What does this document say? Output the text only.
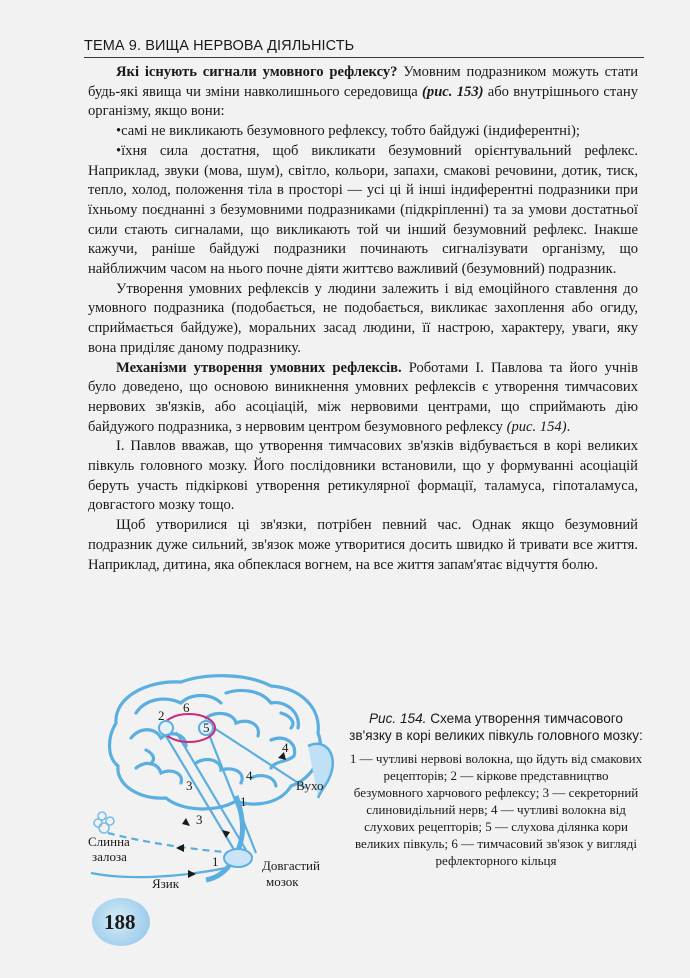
ТЕМА 9. ВИЩА НЕРВОВА ДІЯЛЬНІСТЬ

Які існують сигнали умовного рефлексу? Умовним подразником можуть стати будь-які явища чи зміни навколишнього середовища (рис. 153) або внутрішнього стану організму, якщо вони:

•самі не викликають безумовного рефлексу, тобто байдужі (індиферентні);

•їхня сила достатня, щоб викликати безумовний орієнтувальний рефлекс. Наприклад, звуки (мова, шум), світло, кольори, запахи, смакові речовини, дотик, тиск, тепло, холод, положення тіла в просторі — усі ці й інші індиферентні подразники при їхньому поєднанні з безумовними подразниками (підкріпленні) та за умови достатньої сили стають сигналами, що викликають той чи інший безумовний рефлекс. Інакше кажучи, раніше байдужі подразники починають сигналізувати організму, що найближчим часом на нього почне діяти життєво важливий (безумовний) подразник.

Утворення умовних рефлексів у людини залежить і від емоційного ставлення до умовного подразника (подобається, не подобається, викликає захоплення або огиду, сприймається байдуже), моральних засад людини, її настрою, характеру, уваги, яку вона приділяє даному подразнику.

Механізми утворення умовних рефлексів. Роботами І. Павлова та його учнів було доведено, що основою виникнення умовних рефлексів є утворення тимчасових нервових зв'язків, або асоціацій, між нервовими центрами, що сприймають дію байдужого подразника, з нервовим центром безумовного рефлексу (рис. 154).

І. Павлов вважав, що утворення тимчасових зв'язків відбувається в корі великих півкуль головного мозку. Його послідовники встановили, що у формуванні асоціацій беруть участь підкіркові утворення ретикулярної формації, таламуса, гіпоталамуса, довгастого мозку тощо.

Щоб утворилися ці зв'язки, потрібен певний час. Однак якщо безумовний подразник дуже сильний, зв'язок може утворитися досить швидко й тривати все життя. Наприклад, дитина, яка обпеклася вогнем, на все життя запам'ятає відчуття болю.

2
6
5
3
4
4
1
3
1
Вухо
Слинна
залоза
Язик
Довгастий
мозок
Рис. 154. Схема утворення тимчасового зв'язку в корі великих півкуль головного мозку:
1 — чутливі нервові волокна, що йдуть від смакових рецепторів; 2 — кіркове представництво безумовного харчового рефлексу; 3 — секреторний слиновидільний нерв; 4 — чутливі волокна від слухових рецепторів; 5 — слухова ділянка кори великих півкуль; 6 — тимчасовий зв'язок у вигляді рефлекторного кільця
188
